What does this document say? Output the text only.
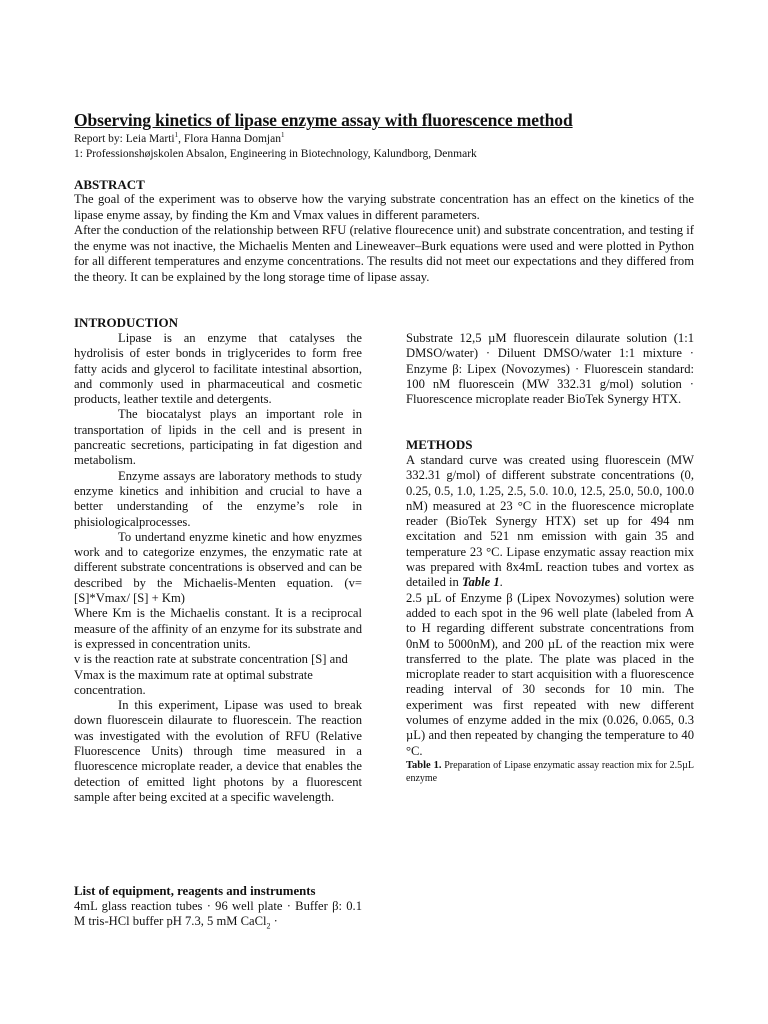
Observing kinetics of lipase enzyme assay with fluorescence method
Report by: Leia Marti$^1$, Flora Hanna Domjan$^1$
1: Professionshøjskolen Absalon, Engineering in Biotechnology, Kalundborg, Denmark
ABSTRACT

The goal of the experiment was to observe how the varying substrate concentration has an effect on the kinetics of the lipase enyme assay, by finding the Km and Vmax values in different parameters.

After the conduction of the relationship between RFU (relative flourecence unit) and substrate concentration, and testing if the enyme was not inactive, the Michaelis Menten and Lineweaver–Burk equations were used and were plotted in Python for all different temperatures and enzyme concentrations. The results did not meet our expectations and they differed from the theory. It can be explained by the long storage time of lipase assay.

INTRODUCTION

Lipase is an enzyme that catalyses the hydrolisis of ester bonds in triglycerides to form free fatty acids and glycerol to facilitate intestinal absortion, and commonly used in pharmaceutical and cosmetic products, leather textile and detergents.

The biocatalyst plays an important role in transportation of lipids in the cell and is present in pancreatic secretions, participating in fat digestion and metabolism.

Enzyme assays are laboratory methods to study enzyme kinetics and inhibition and crucial to have a better understanding of the enzyme’s role in phisiologicalprocesses.

To undertand enyzme kinetic and how enyzmes work and to categorize enzymes, the enzymatic rate at different substrate concentrations is observed and can be described by the Michaelis-Menten equation. (v=[S]*Vmax/ [S] + Km)

Where Km is the Michaelis constant. It is a reciprocal measure of the affinity of an enzyme for its substrate and is expressed in concentration units.

v is the reaction rate at substrate concentration [S] and Vmax is the maximum rate at optimal substrate concentration.

In this experiment, Lipase was used to break down fluorescein dilaurate to fluorescein. The reaction was investigated with the evolution of RFU (Relative Fluorescence Units) through time measured in a fluorescence microplate reader, a device that enables the detection of emitted light photons by a fluorescent sample after being excited at a specific wavelength.

List of equipment, reagents and instruments

4mL glass reaction tubes · 96 well plate · Buffer β: 0.1 M tris-HCl buffer pH 7.3, 5 mM CaCl$_2$ ·

Substrate 12,5 µM fluorescein dilaurate solution (1:1 DMSO/water) · Diluent DMSO/water 1:1 mixture · Enzyme β: Lipex (Novozymes) · Fluorescein standard: 100 nM fluorescein (MW 332.31 g/mol) solution · Fluorescence microplate reader BioTek Synergy HTX.

METHODS

A standard curve was created using fluorescein (MW 332.31 g/mol) of different substrate concentrations (0, 0.25, 0.5, 1.0, 1.25, 2.5, 5.0. 10.0, 12.5, 25.0, 50.0, 100.0 nM) measured at 23 °C in the fluorescence microplate reader (BioTek Synergy HTX) set up for 494 nm excitation and 521 nm emission with gain 35 and temperature 23 °C. Lipase enzymatic assay reaction mix was prepared with 8x4mL reaction tubes and vortex as detailed in Table 1.

2.5 µL of Enzyme β (Lipex Novozymes) solution were added to each spot in the 96 well plate (labeled from A to H regarding different substrate concentrations from 0nM to 5000nM), and 200 µL of the reaction mix were transferred to the plate. The plate was placed in the microplate reader to start acquisition with a fluorescence reading interval of 30 seconds for 10 min. The experiment was first repeated with new different volumes of enzyme added in the mix (0.026, 0.065, 0.3 µL) and then repeated by changing the temperature to 40 °C.

Table 1. Preparation of Lipase enzymatic assay reaction mix for 2.5µL enzyme
